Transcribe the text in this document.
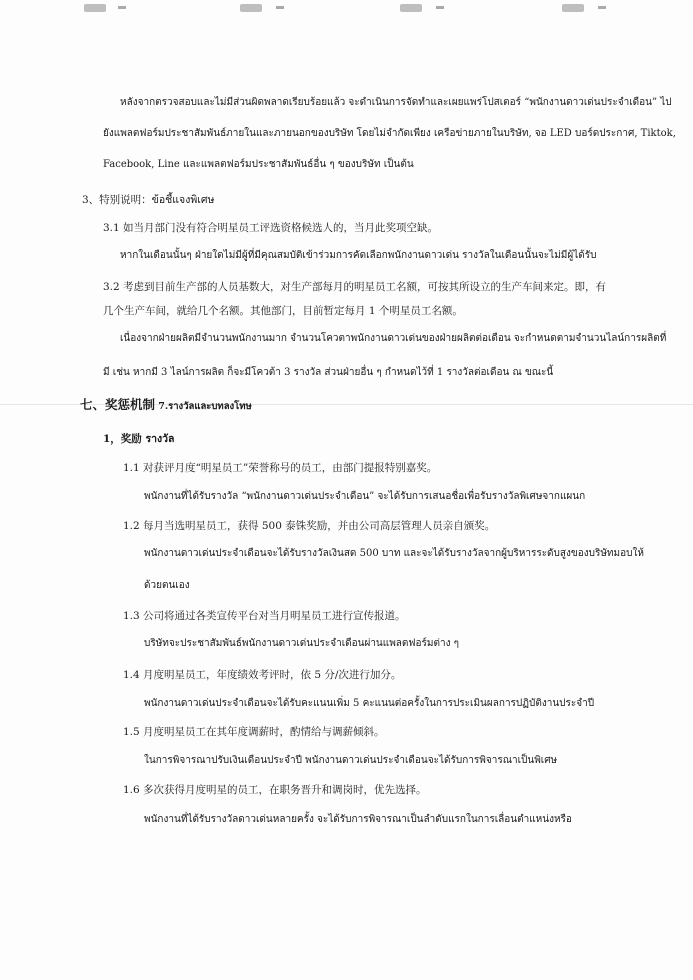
หลังจากตรวจสอบและไม่มีส่วนผิดพลาดเรียบร้อยแล้ว จะดำเนินการจัดทำและเผยแพร่โปสเตอร์ “พนักงานดาวเด่นประจำเดือน” ไป
ยังแพลตฟอร์มประชาสัมพันธ์ภายในและภายนอกของบริษัท โดยไม่จำกัดเพียง เครือข่ายภายในบริษัท, จอ LED บอร์ดประกาศ, Tiktok,
Facebook, Line และแพลตฟอร์มประชาสัมพันธ์อื่น ๆ ของบริษัท เป็นต้น
3、特别说明：ข้อชี้แจงพิเศษ
3.1 如当月部门没有符合明星员工评选资格候选人的，当月此奖项空缺。
หากในเดือนนั้นๆ ฝ่ายใดไม่มีผู้ที่มีคุณสมบัติเข้าร่วมการคัดเลือกพนักงานดาวเด่น รางวัลในเดือนนั้นจะไม่มีผู้ได้รับ
3.2 考虑到目前生产部的人员基数大，对生产部每月的明星员工名额，可按其所设立的生产车间来定。即，有
几个生产车间，就给几个名额。其他部门，目前暂定每月 1 个明星员工名额。
เนื่องจากฝ่ายผลิตมีจำนวนพนักงานมาก จำนวนโควตาพนักงานดาวเด่นของฝ่ายผลิตต่อเดือน จะกำหนดตามจำนวนไลน์การผลิตที่
มี เช่น หากมี 3 ไลน์การผลิต ก็จะมีโควต้า 3 รางวัล ส่วนฝ่ายอื่น ๆ กำหนดไว้ที่ 1 รางวัลต่อเดือน ณ ขณะนี้
七、奖惩机制 7.รางวัลและบทลงโทษ
1，奖励 รางวัล
1.1 对获评月度“明星员工”荣誉称号的员工，由部门提报特别嘉奖。
พนักงานที่ได้รับรางวัล “พนักงานดาวเด่นประจำเดือน” จะได้รับการเสนอชื่อเพื่อรับรางวัลพิเศษจากแผนก
1.2 每月当选明星员工，获得 500 泰铢奖励，并由公司高层管理人员亲自颁奖。
พนักงานดาวเด่นประจำเดือนจะได้รับรางวัลเงินสด 500 บาท และจะได้รับรางวัลจากผู้บริหารระดับสูงของบริษัทมอบให้
ด้วยตนเอง
1.3 公司将通过各类宣传平台对当月明星员工进行宣传报道。
บริษัทจะประชาสัมพันธ์พนักงานดาวเด่นประจำเดือนผ่านแพลตฟอร์มต่าง ๆ
1.4 月度明星员工，年度绩效考评时，依 5 分/次进行加分。
พนักงานดาวเด่นประจำเดือนจะได้รับคะแนนเพิ่ม 5 คะแนนต่อครั้งในการประเมินผลการปฏิบัติงานประจำปี
1.5 月度明星员工在其年度调薪时，酌情给与调薪倾斜。
ในการพิจารณาปรับเงินเดือนประจำปี พนักงานดาวเด่นประจำเดือนจะได้รับการพิจารณาเป็นพิเศษ
1.6 多次获得月度明星的员工，在职务晋升和调岗时，优先选择。
พนักงานที่ได้รับรางวัลดาวเด่นหลายครั้ง จะได้รับการพิจารณาเป็นลำดับแรกในการเลื่อนตำแหน่งหรือ
